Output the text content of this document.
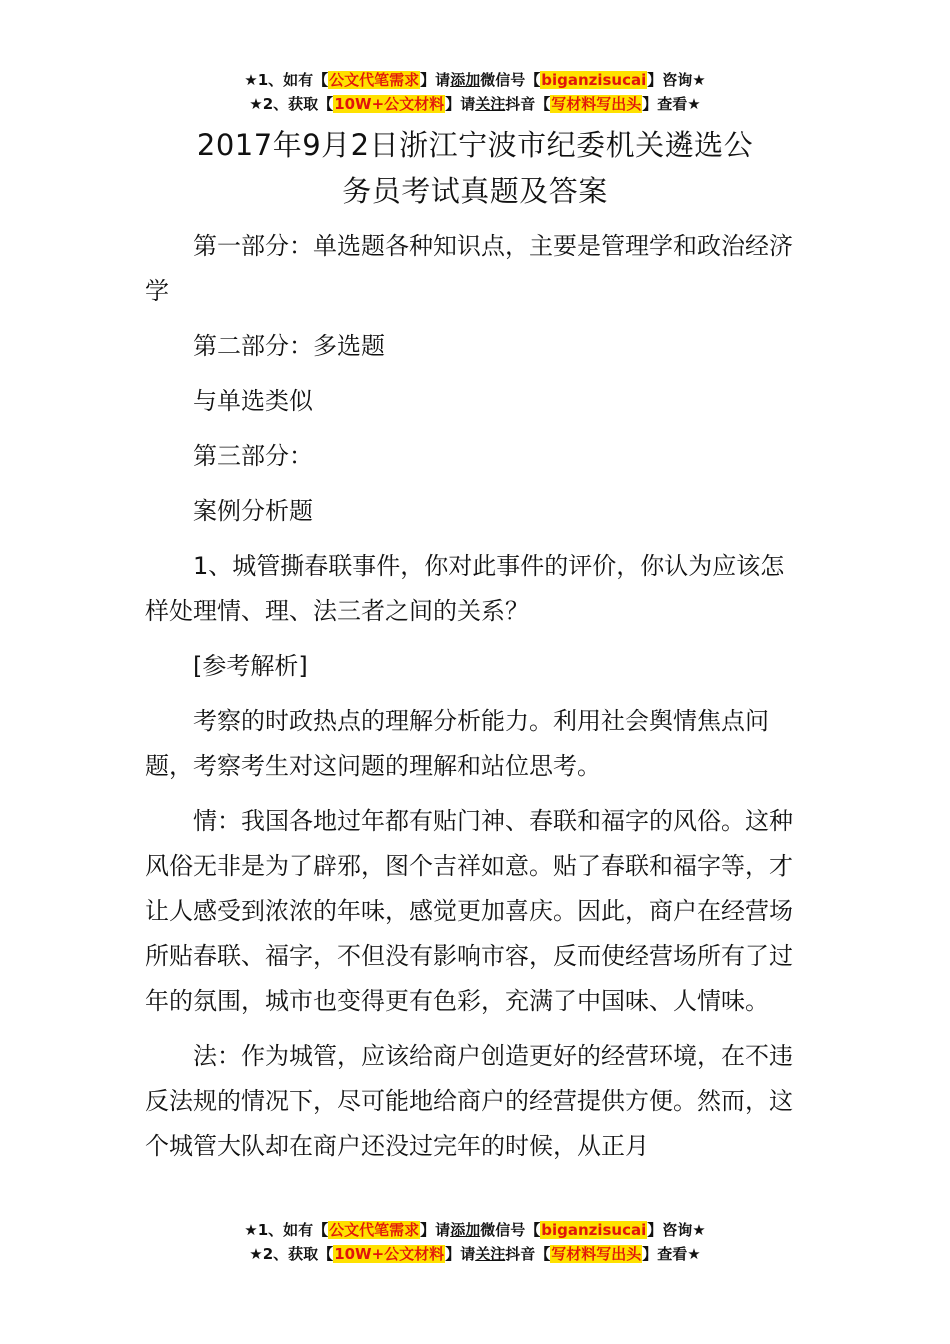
★1、如有【公文代笔需求】请添加微信号【biganzisucai】咨询★
★2、获取【10W+公文材料】请关注抖音【写材料写出头】查看★
2017年9月2日浙江宁波市纪委机关遴选公
务员考试真题及答案

第一部分：单选题各种知识点，主要是管理学和政治经济学

第二部分：多选题

与单选类似

第三部分：

案例分析题

1、城管撕春联事件，你对此事件的评价，你认为应该怎样处理情、理、法三者之间的关系？

[参考解析]

考察的时政热点的理解分析能力。利用社会舆情焦点问题，考察考生对这问题的理解和站位思考。

情：我国各地过年都有贴门神、春联和福字的风俗。这种风俗无非是为了辟邪，图个吉祥如意。贴了春联和福字等，才让人感受到浓浓的年味，感觉更加喜庆。因此，商户在经营场所贴春联、福字，不但没有影响市容，反而使经营场所有了过年的氛围，城市也变得更有色彩，充满了中国味、人情味。

法：作为城管，应该给商户创造更好的经营环境，在不违反法规的情况下，尽可能地给商户的经营提供方便。然而，这个城管大队却在商户还没过完年的时候，从正月

★1、如有【公文代笔需求】请添加微信号【biganzisucai】咨询★
★2、获取【10W+公文材料】请关注抖音【写材料写出头】查看★
